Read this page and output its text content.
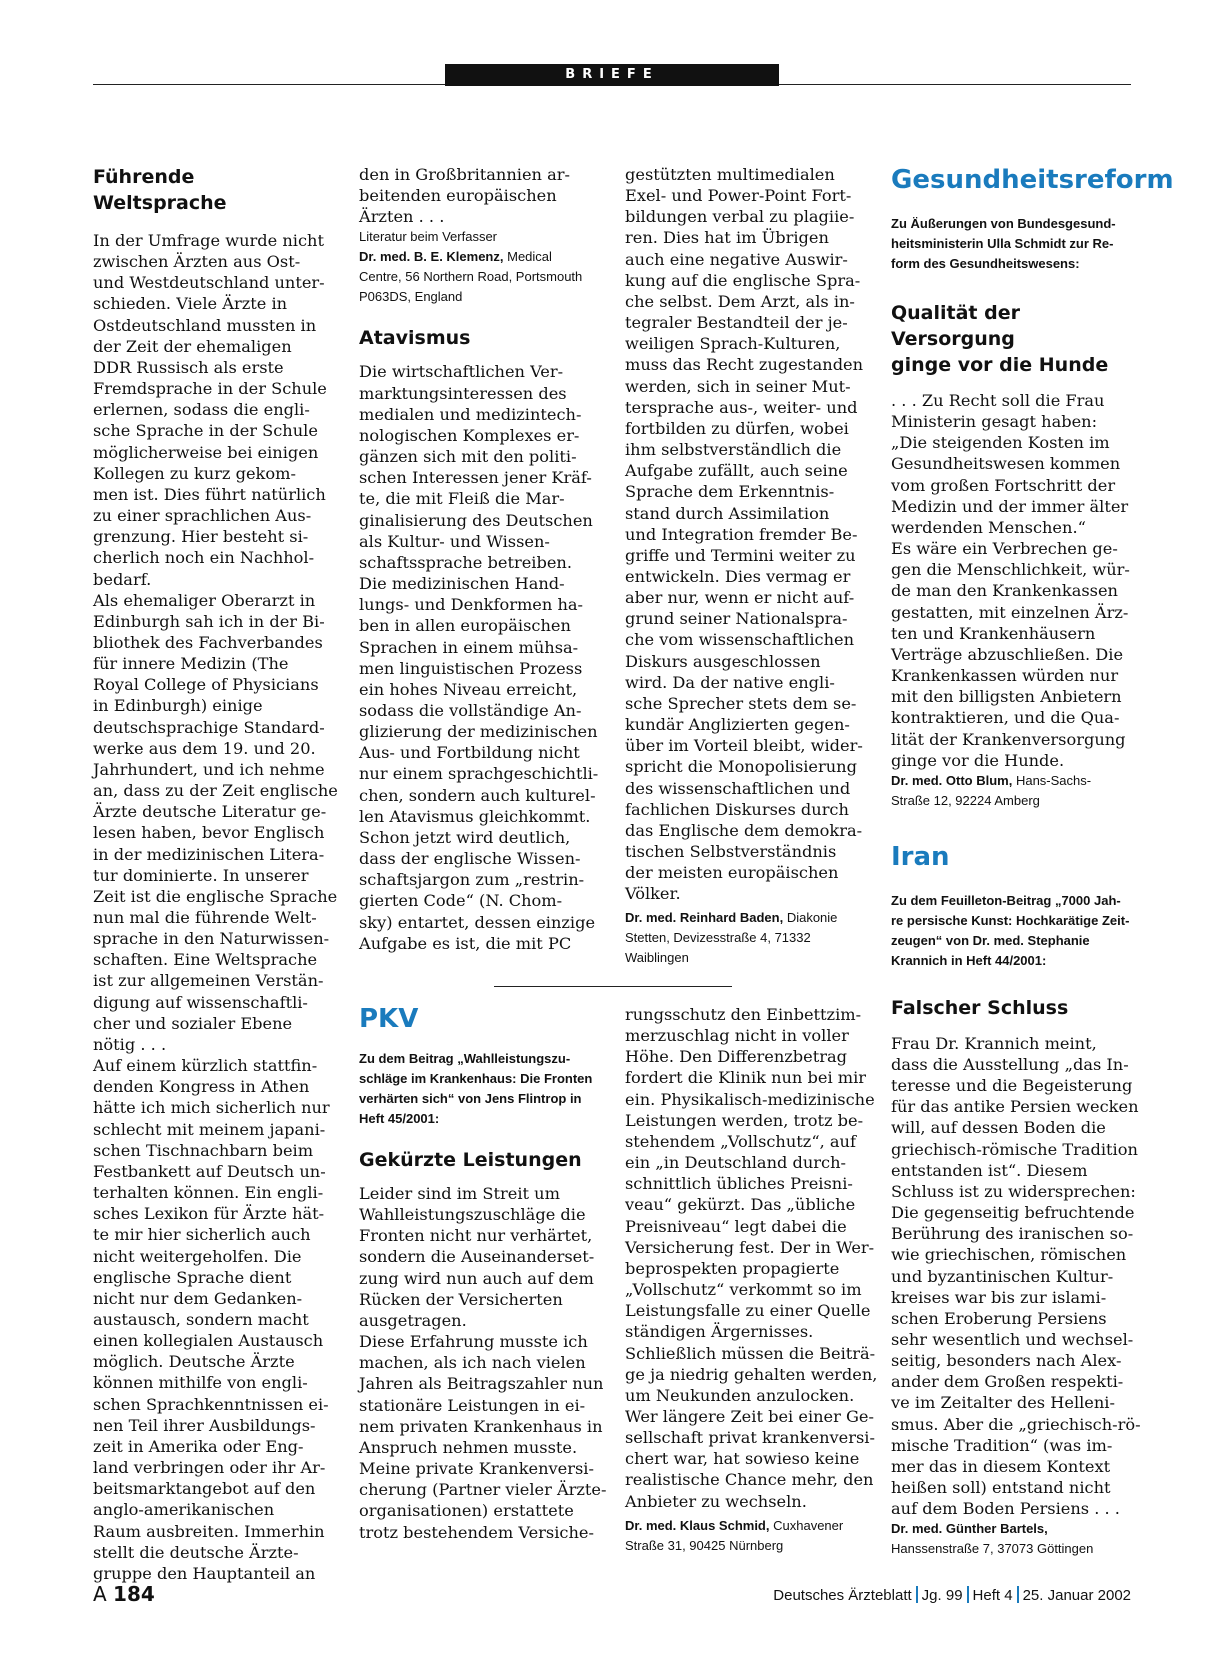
BRIEFE
Führende Weltsprache

In der Umfrage wurde nicht

zwischen Ärzten aus Ost-

und Westdeutschland unter-

schieden. Viele Ärzte in

Ostdeutschland mussten in

der Zeit der ehemaligen

DDR Russisch als erste

Fremdsprache in der Schule

erlernen, sodass die engli-

sche Sprache in der Schule

möglicherweise bei einigen

Kollegen zu kurz gekom-

men ist. Dies führt natürlich

zu einer sprachlichen Aus-

grenzung. Hier besteht si-

cherlich noch ein Nachhol-

bedarf.

Als ehemaliger Oberarzt in

Edinburgh sah ich in der Bi-

bliothek des Fachverbandes

für innere Medizin (The

Royal College of Physicians

in Edinburgh) einige

deutschsprachige Standard-

werke aus dem 19. und 20.

Jahrhundert, und ich nehme

an, dass zu der Zeit englische

Ärzte deutsche Literatur ge-

lesen haben, bevor Englisch

in der medizinischen Litera-

tur dominierte. In unserer

Zeit ist die englische Sprache

nun mal die führende Welt-

sprache in den Naturwissen-

schaften. Eine Weltsprache

ist zur allgemeinen Verstän-

digung auf wissenschaftli-

cher und sozialer Ebene

nötig . . .

Auf einem kürzlich stattfin-

denden Kongress in Athen

hätte ich mich sicherlich nur

schlecht mit meinem japani-

schen Tischnachbarn beim

Festbankett auf Deutsch un-

terhalten können. Ein engli-

sches Lexikon für Ärzte hät-

te mir hier sicherlich auch

nicht weitergeholfen. Die

englische Sprache dient

nicht nur dem Gedanken-

austausch, sondern macht

einen kollegialen Austausch

möglich. Deutsche Ärzte

können mithilfe von engli-

schen Sprachkenntnissen ei-

nen Teil ihrer Ausbildungs-

zeit in Amerika oder Eng-

land verbringen oder ihr Ar-

beitsmarktangebot auf den

anglo-amerikanischen

Raum ausbreiten. Immerhin

stellt die deutsche Ärzte-

gruppe den Hauptanteil an

den in Großbritannien ar-

beitenden europäischen

Ärzten . . .

Literatur beim Verfasser

Dr. med. B. E. Klemenz, Medical

Centre, 56 Northern Road, Portsmouth

P063DS, England

Atavismus

Die wirtschaftlichen Ver-

marktungsinteressen des

medialen und medizintech-

nologischen Komplexes er-

gänzen sich mit den politi-

schen Interessen jener Kräf-

te, die mit Fleiß die Mar-

ginalisierung des Deutschen

als Kultur- und Wissen-

schaftssprache betreiben.

Die medizinischen Hand-

lungs- und Denkformen ha-

ben in allen europäischen

Sprachen in einem mühsa-

men linguistischen Prozess

ein hohes Niveau erreicht,

sodass die vollständige An-

glizierung der medizinischen

Aus- und Fortbildung nicht

nur einem sprachgeschichtli-

chen, sondern auch kulturel-

len Atavismus gleichkommt.

Schon jetzt wird deutlich,

dass der englische Wissen-

schaftsjargon zum „restrin-

gierten Code“ (N. Chom-

sky) entartet, dessen einzige

Aufgabe es ist, die mit PC

gestützten multimedialen

Exel- und Power-Point Fort-

bildungen verbal zu plagiie-

ren. Dies hat im Übrigen

auch eine negative Auswir-

kung auf die englische Spra-

che selbst. Dem Arzt, als in-

tegraler Bestandteil der je-

weiligen Sprach-Kulturen,

muss das Recht zugestanden

werden, sich in seiner Mut-

tersprache aus-, weiter- und

fortbilden zu dürfen, wobei

ihm selbstverständlich die

Aufgabe zufällt, auch seine

Sprache dem Erkenntnis-

stand durch Assimilation

und Integration fremder Be-

griffe und Termini weiter zu

entwickeln. Dies vermag er

aber nur, wenn er nicht auf-

grund seiner Nationalspra-

che vom wissenschaftlichen

Diskurs ausgeschlossen

wird. Da der native engli-

sche Sprecher stets dem se-

kundär Anglizierten gegen-

über im Vorteil bleibt, wider-

spricht die Monopolisierung

des wissenschaftlichen und

fachlichen Diskurses durch

das Englische dem demokra-

tischen Selbstverständnis

der meisten europäischen

Völker.

Dr. med. Reinhard Baden, Diakonie

Stetten, Devizesstraße 4, 71332

Waiblingen

PKV

Zu dem Beitrag „Wahlleistungszu-

schläge im Krankenhaus: Die Fronten

verhärten sich“ von Jens Flintrop in

Heft 45/2001:

Gekürzte Leistungen

Leider sind im Streit um

Wahlleistungszuschläge die

Fronten nicht nur verhärtet,

sondern die Auseinanderset-

zung wird nun auch auf dem

Rücken der Versicherten

ausgetragen.

Diese Erfahrung musste ich

machen, als ich nach vielen

Jahren als Beitragszahler nun

stationäre Leistungen in ei-

nem privaten Krankenhaus in

Anspruch nehmen musste.

Meine private Krankenversi-

cherung (Partner vieler Ärzte-

organisationen) erstattete

trotz bestehendem Versiche-

rungsschutz den Einbettzim-

merzuschlag nicht in voller

Höhe. Den Differenzbetrag

fordert die Klinik nun bei mir

ein. Physikalisch-medizinische

Leistungen werden, trotz be-

stehendem „Vollschutz“, auf

ein „in Deutschland durch-

schnittlich übliches Preisni-

veau“ gekürzt. Das „übliche

Preisniveau“ legt dabei die

Versicherung fest. Der in Wer-

beprospekten propagierte

„Vollschutz“ verkommt so im

Leistungsfalle zu einer Quelle

ständigen Ärgernisses.

Schließlich müssen die Beiträ-

ge ja niedrig gehalten werden,

um Neukunden anzulocken.

Wer längere Zeit bei einer Ge-

sellschaft privat krankenversi-

chert war, hat sowieso keine

realistische Chance mehr, den

Anbieter zu wechseln.

Dr. med. Klaus Schmid, Cuxhavener

Straße 31, 90425 Nürnberg

Gesundheitsreform

Zu Äußerungen von Bundesgesund-

heitsministerin Ulla Schmidt zur Re-

form des Gesundheitswesens:

Qualität der Versorgung

ginge vor die Hunde

. . . Zu Recht soll die Frau

Ministerin gesagt haben:

„Die steigenden Kosten im

Gesundheitswesen kommen

vom großen Fortschritt der

Medizin und der immer älter

werdenden Menschen.“

Es wäre ein Verbrechen ge-

gen die Menschlichkeit, wür-

de man den Krankenkassen

gestatten, mit einzelnen Ärz-

ten und Krankenhäusern

Verträge abzuschließen. Die

Krankenkassen würden nur

mit den billigsten Anbietern

kontraktieren, und die Qua-

lität der Krankenversorgung

ginge vor die Hunde.

Dr. med. Otto Blum, Hans-Sachs-

Straße 12, 92224 Amberg

Iran

Zu dem Feuilleton-Beitrag „7000 Jah-

re persische Kunst: Hochkarätige Zeit-

zeugen“ von Dr. med. Stephanie

Krannich in Heft 44/2001:

Falscher Schluss

Frau Dr. Krannich meint,

dass die Ausstellung „das In-

teresse und die Begeisterung

für das antike Persien wecken

will, auf dessen Boden die

griechisch-römische Tradition

entstanden ist“. Diesem

Schluss ist zu widersprechen:

Die gegenseitig befruchtende

Berührung des iranischen so-

wie griechischen, römischen

und byzantinischen Kultur-

kreises war bis zur islami-

schen Eroberung Persiens

sehr wesentlich und wechsel-

seitig, besonders nach Alex-

ander dem Großen respekti-

ve im Zeitalter des Helleni-

smus. Aber die „griechisch-rö-

mische Tradition“ (was im-

mer das in diesem Kontext

heißen soll) entstand nicht

auf dem Boden Persiens . . .

Dr. med. Günther Bartels,

Hanssenstraße 7, 37073 Göttingen

A 184	Deutsches Ärzteblatt Jg. 99 Heft 4 25. Januar 2002
